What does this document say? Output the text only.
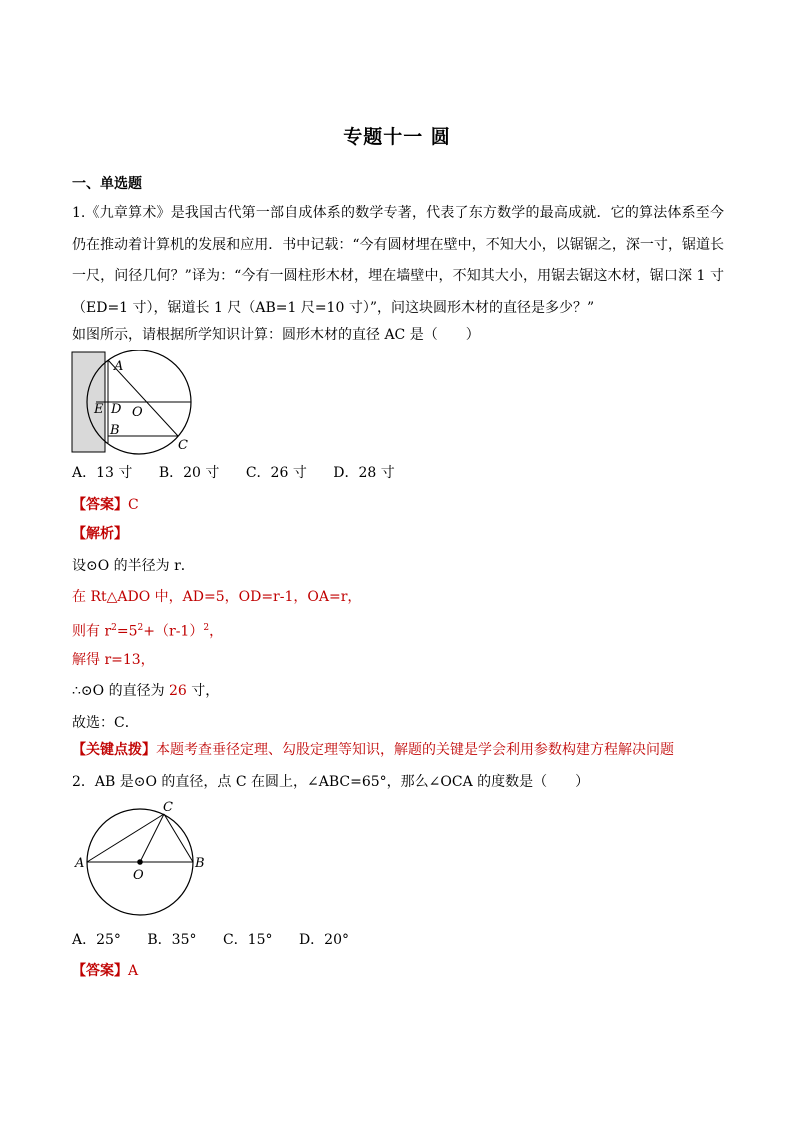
专题十一 圆
一、单选题
1.《九章算术》是我国古代第一部自成体系的数学专著，代表了东方数学的最高成就．它的算法体系至今仍在推动着计算机的发展和应用．书中记载：“今有圆材埋在壁中，不知大小，以锯锯之，深一寸，锯道长一尺，问径几何？”译为：“今有一圆柱形木材，埋在墙壁中，不知其大小，用锯去锯这木材，锯口深 1 寸（ED=1 寸），锯道长 1 尺（AB=1 尺=10 寸）”，问这块圆形木材的直径是多少？”
如图所示，请根据所学知识计算：圆形木材的直径 AC 是（　　）
A
E D O
B
C
A．13 寸 B．20 寸 C．26 寸 D．28 寸
【答案】C
【解析】
设⊙O 的半径为 r．
在 Rt△ADO 中，AD=5，OD=r-1，OA=r，
则有 $r^2=5^2+(r-1)^2$，
解得 r=13，
∴⊙O 的直径为 26 寸，
故选：C．
【关键点拨】本题考查垂径定理、勾股定理等知识，解题的关键是学会利用参数构建方程解决问题
2．AB 是⊙O 的直径，点 C 在圆上，∠ABC=65°，那么∠OCA 的度数是（　　）
C
A	B
O
A．25° B．35° C．15° D．20°
【答案】A
